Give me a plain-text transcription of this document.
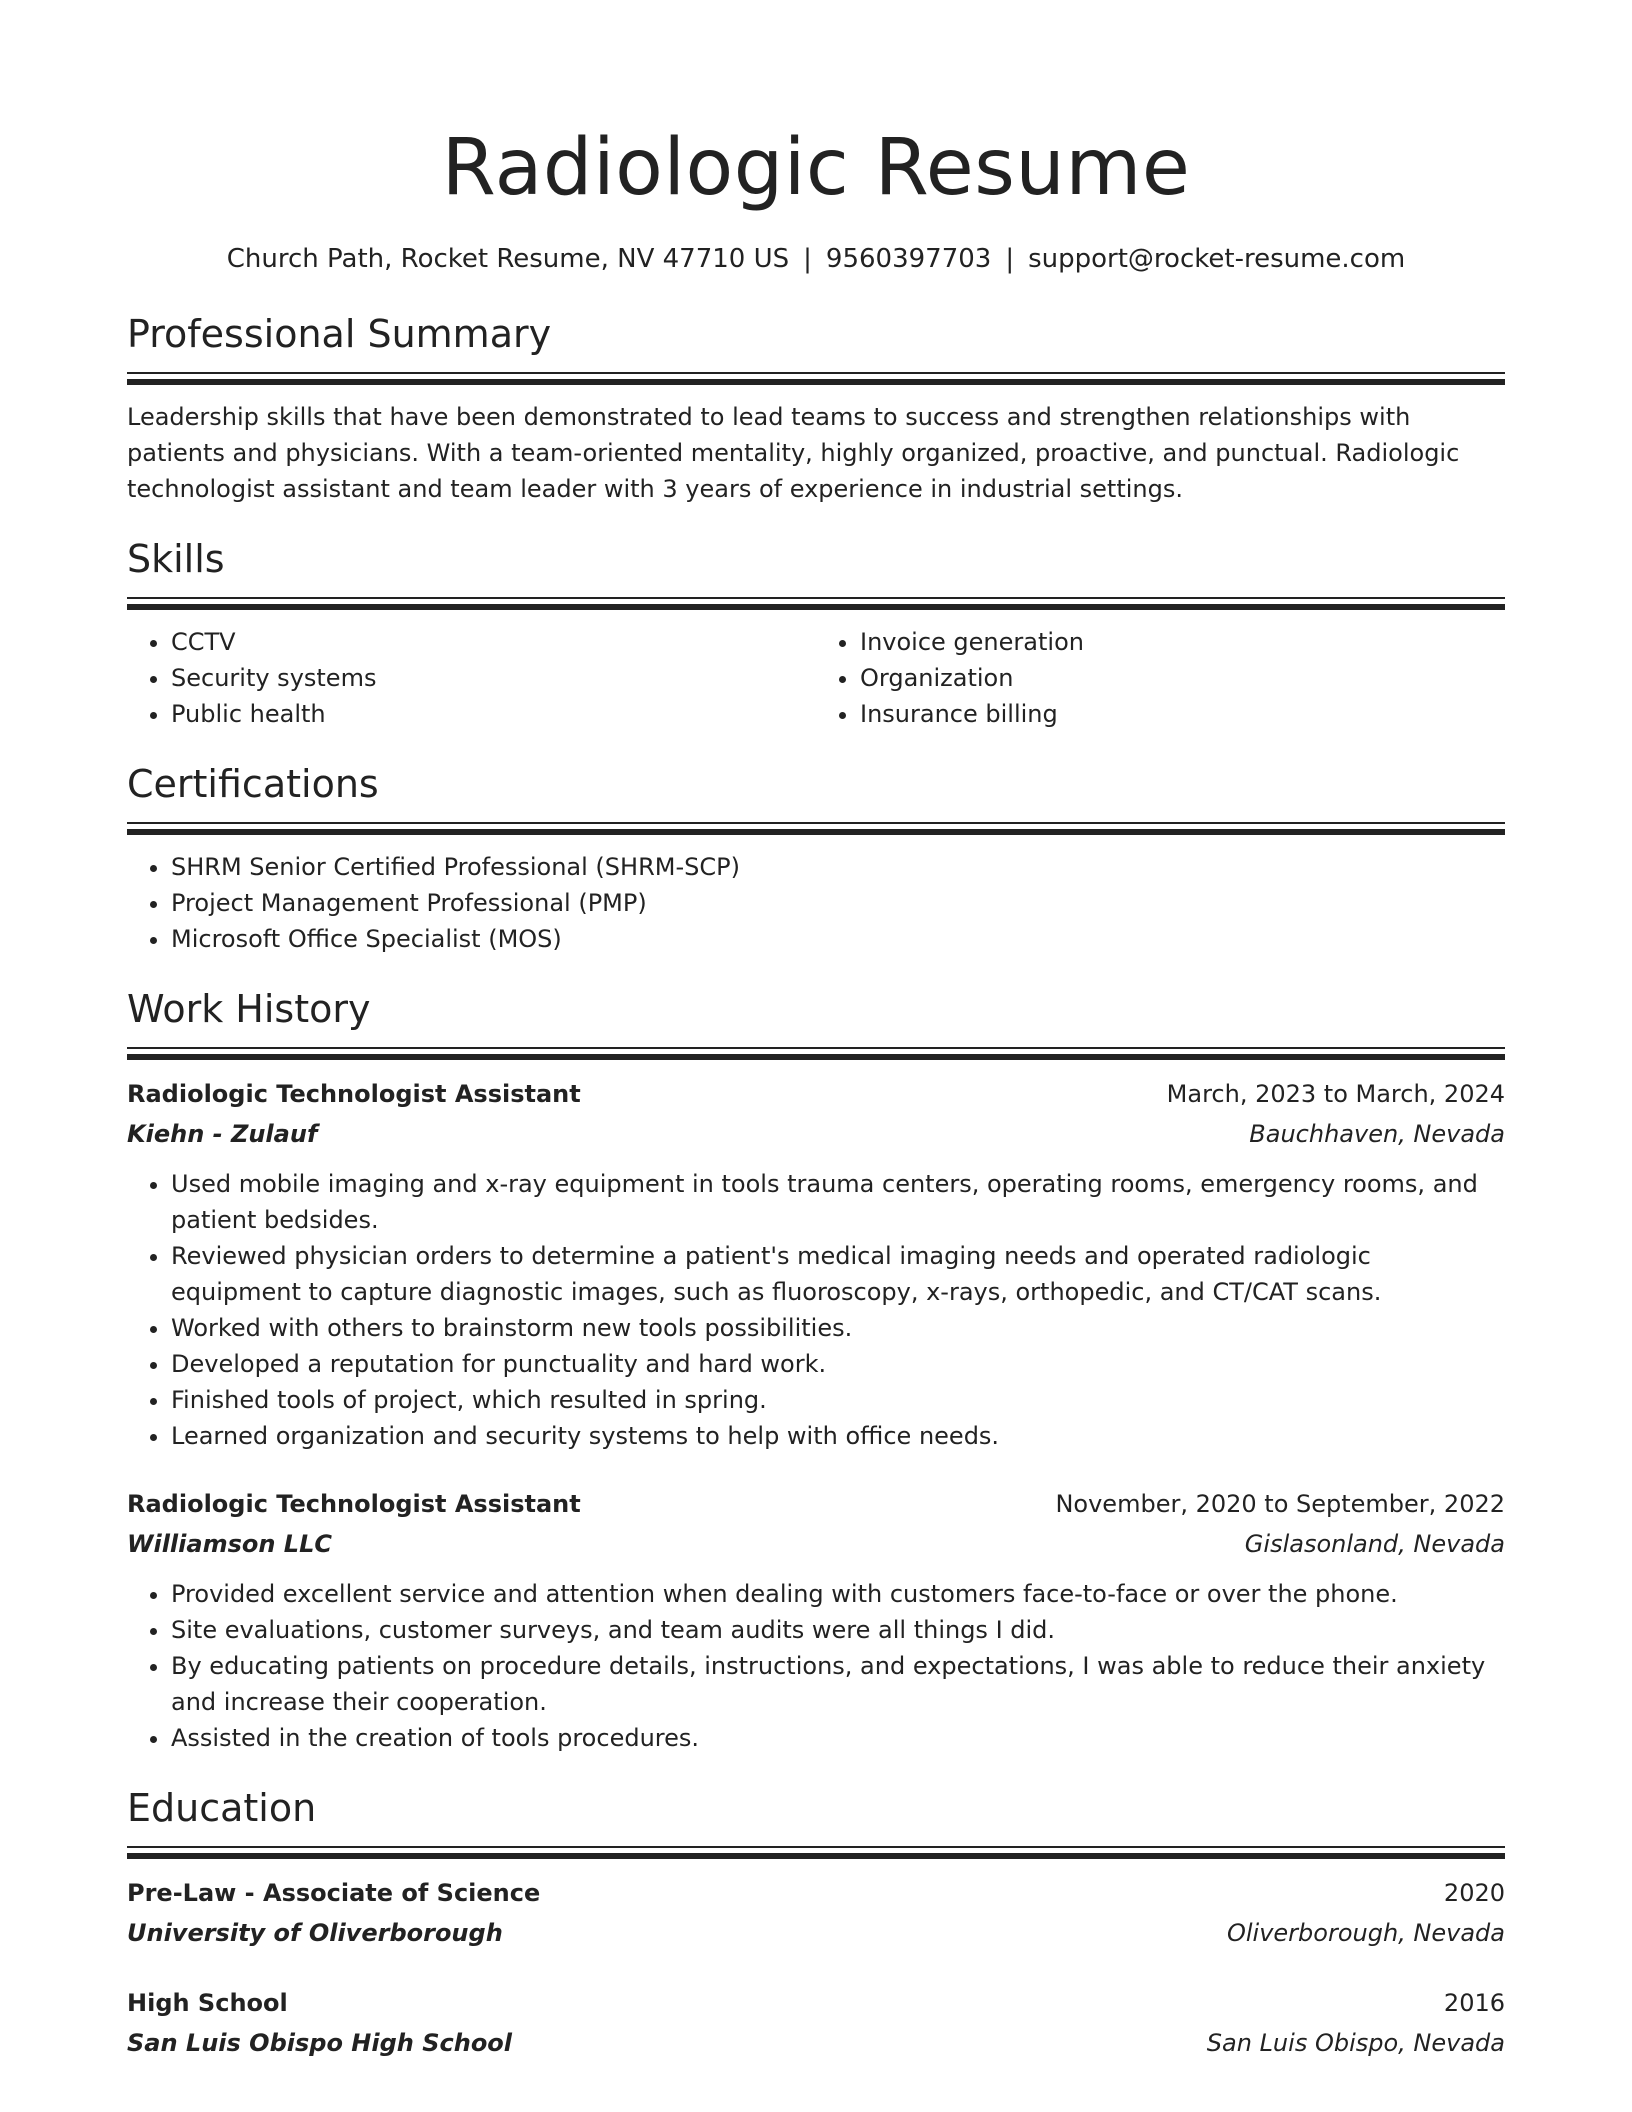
Radiologic Resume
Church Path, Rocket Resume, NV 47710 US | 9560397703 | support@rocket-resume.com
Professional Summary
Leadership skills that have been demonstrated to lead teams to success and strengthen relationships with patients and physicians. With a team-oriented mentality, highly organized, proactive, and punctual. Radiologic technologist assistant and team leader with 3 years of experience in industrial settings.
Skills
• CCTV
• Security systems
• Public health
• Invoice generation
• Organization
• Insurance billing
Certifications
• SHRM Senior Certified Professional (SHRM-SCP)
• Project Management Professional (PMP)
• Microsoft Office Specialist (MOS)
Work History
Radiologic Technologist Assistant	March, 2023 to March, 2024
Kiehn - Zulauf	Bauchhaven, Nevada
• Used mobile imaging and x-ray equipment in tools trauma centers, operating rooms, emergency rooms, and patient bedsides.
• Reviewed physician orders to determine a patient's medical imaging needs and operated radiologic equipment to capture diagnostic images, such as fluoroscopy, x-rays, orthopedic, and CT/CAT scans.
• Worked with others to brainstorm new tools possibilities.
• Developed a reputation for punctuality and hard work.
• Finished tools of project, which resulted in spring.
• Learned organization and security systems to help with office needs.
Radiologic Technologist Assistant	November, 2020 to September, 2022
Williamson LLC	Gislasonland, Nevada
• Provided excellent service and attention when dealing with customers face-to-face or over the phone.
• Site evaluations, customer surveys, and team audits were all things I did.
• By educating patients on procedure details, instructions, and expectations, I was able to reduce their anxiety and increase their cooperation.
• Assisted in the creation of tools procedures.
Education
Pre-Law - Associate of Science	2020
University of Oliverborough	Oliverborough, Nevada
High School	2016
San Luis Obispo High School	San Luis Obispo, Nevada
